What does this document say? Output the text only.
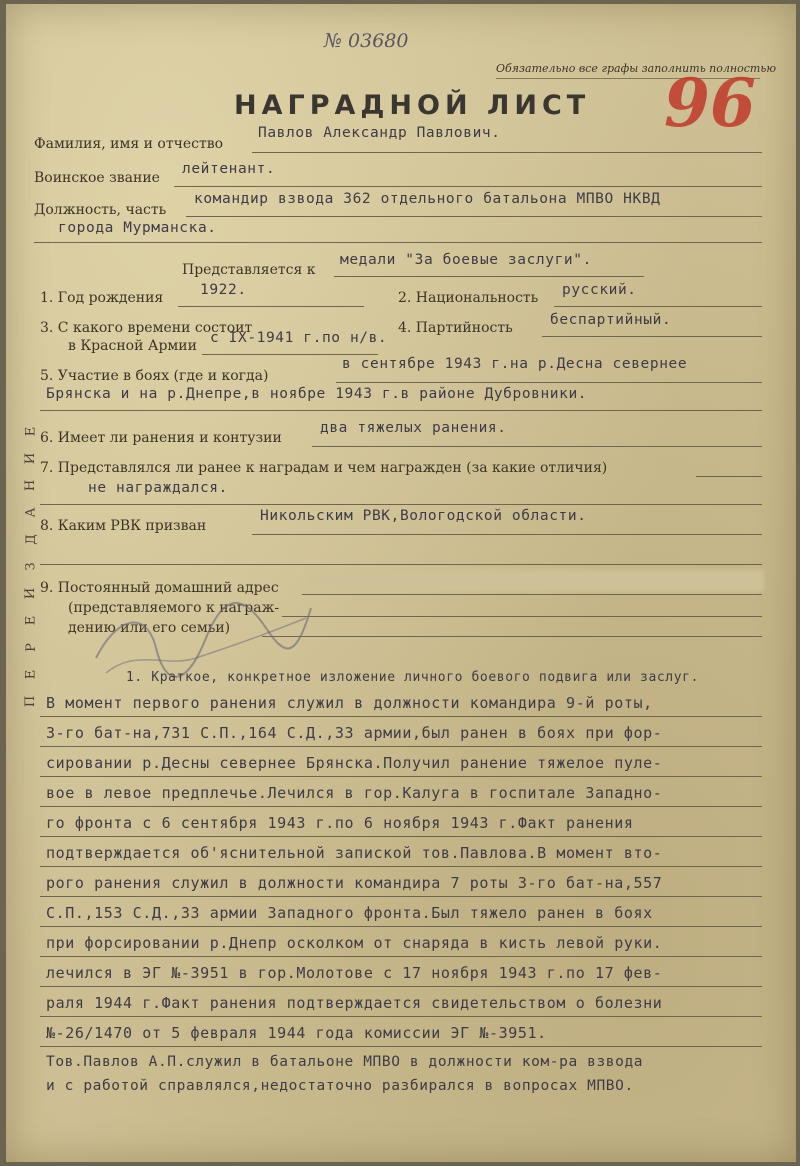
№ 03680
Обязательно все графы заполнить полностью
НАГРАДНОЙ ЛИСТ 96
Фамилия, имя и отчество
Павлов Александр Павлович.
Воинское звание
лейтенант.
Должность, часть
командир взвода 362 отдельного батальона МПВО НКВД
города Мурманска.
Представляется к
медали "За боевые заслуги".
1. Год рождения	1922.	2. Национальность русский.
3. С какого времени состоит
в Красной Армии с IX-1941 г.по н/в.
4. Партийность	беспартийный.
5. Участие в боях (где и когда)
в сентябре 1943 г.на р.Десна севернее
Брянска и на р.Днепре,в ноябре 1943 г.в районе Дубровники.
6. Имеет ли ранения и контузии
два тяжелых ранения.
7. Представлялся ли ранее к наградам и чем награжден (за какие отличия)
не награждался.
8. Каким РВК призван
Никольским РВК,Вологодской области.
9. Постоянный домашний адрес
(представляемого к награж-
дению или его семьи)
Е
И
Н
А
Д
З
И
Е
Р
Е
П
1. Краткое, конкретное изложение личного боевого подвига или заслуг.
В момент первого ранения служил в должности командира 9-й роты,
3-го бат-на,731 С.П.,164 С.Д.,33 армии,был ранен в боях при фор-
сировании р.Десны севернее Брянска.Получил ранение тяжелое пуле-
вое в левое предплечье.Лечился в гор.Калуга в госпитале Западно-
го фронта с 6 сентября 1943 г.по 6 ноября 1943 г.Факт ранения
подтверждается об'яснительной запиской тов.Павлова.В момент вто-
рого ранения служил в должности командира 7 роты 3-го бат-на,557
С.П.,153 С.Д.,33 армии Западного фронта.Был тяжело ранен в боях
при форсировании р.Днепр осколком от снаряда в кисть левой руки.
лечился в ЭГ №-3951 в гор.Молотове с 17 ноября 1943 г.по 17 фев-
раля 1944 г.Факт ранения подтверждается свидетельством о болезни
№-26/1470 от 5 февраля 1944 года комиссии ЭГ №-3951.
Тов.Павлов А.П.служил в батальоне МПВО в должности ком-ра взвода
и с работой справлялся,недостаточно разбирался в вопросах МПВО.
